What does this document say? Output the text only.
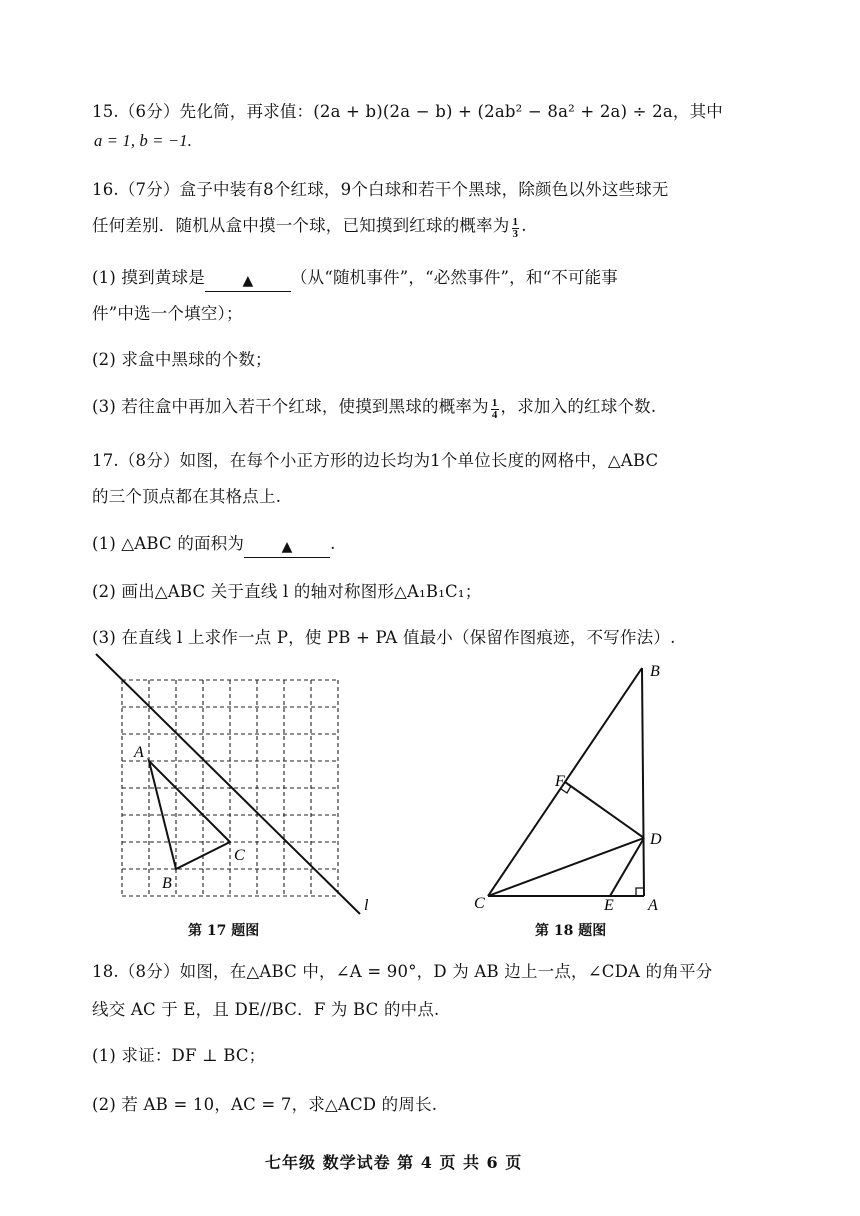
15.（6分）先化简，再求值：(2a + b)(2a − b) + (2ab² − 8a² + 2a) ÷ 2a，其中
a = 1, b = −1.
16.（7分）盒子中装有8个红球，9个白球和若干个黑球，除颜色以外这些球无
任何差别．随机从盒中摸一个球，已知摸到红球的概率为 $\frac{1}{3}$ .
(1) 摸到黄球是	▲ （从“随机事件”，“必然事件”，和“不可能事
件”中选一个填空）；
(2) 求盒中黑球的个数；
(3) 若往盒中再加入若干个红球，使摸到黑球的概率为 $\frac{1}{4}$ ，求加入的红球个数.
17.（8分）如图，在每个小正方形的边长均为1个单位长度的网格中，△ABC
的三个顶点都在其格点上.
(1) △ABC 的面积为	▲ .
(2) 画出△ABC 关于直线 l 的轴对称图形△A₁B₁C₁；
(3) 在直线 l 上求作一点 P，使 PB + PA 值最小（保留作图痕迹，不写作法）.
A
B
C
l
第 17 题图
B
F
D
C	E A
第 18 题图
18.（8分）如图，在△ABC 中，∠A = 90°，D 为 AB 边上一点，∠CDA 的角平分
线交 AC 于 E，且 DE//BC．F 为 BC 的中点.
(1) 求证：DF ⊥ BC；
(2) 若 AB = 10，AC = 7，求△ACD 的周长.
七年级 数学试卷 第 4 页 共 6 页
